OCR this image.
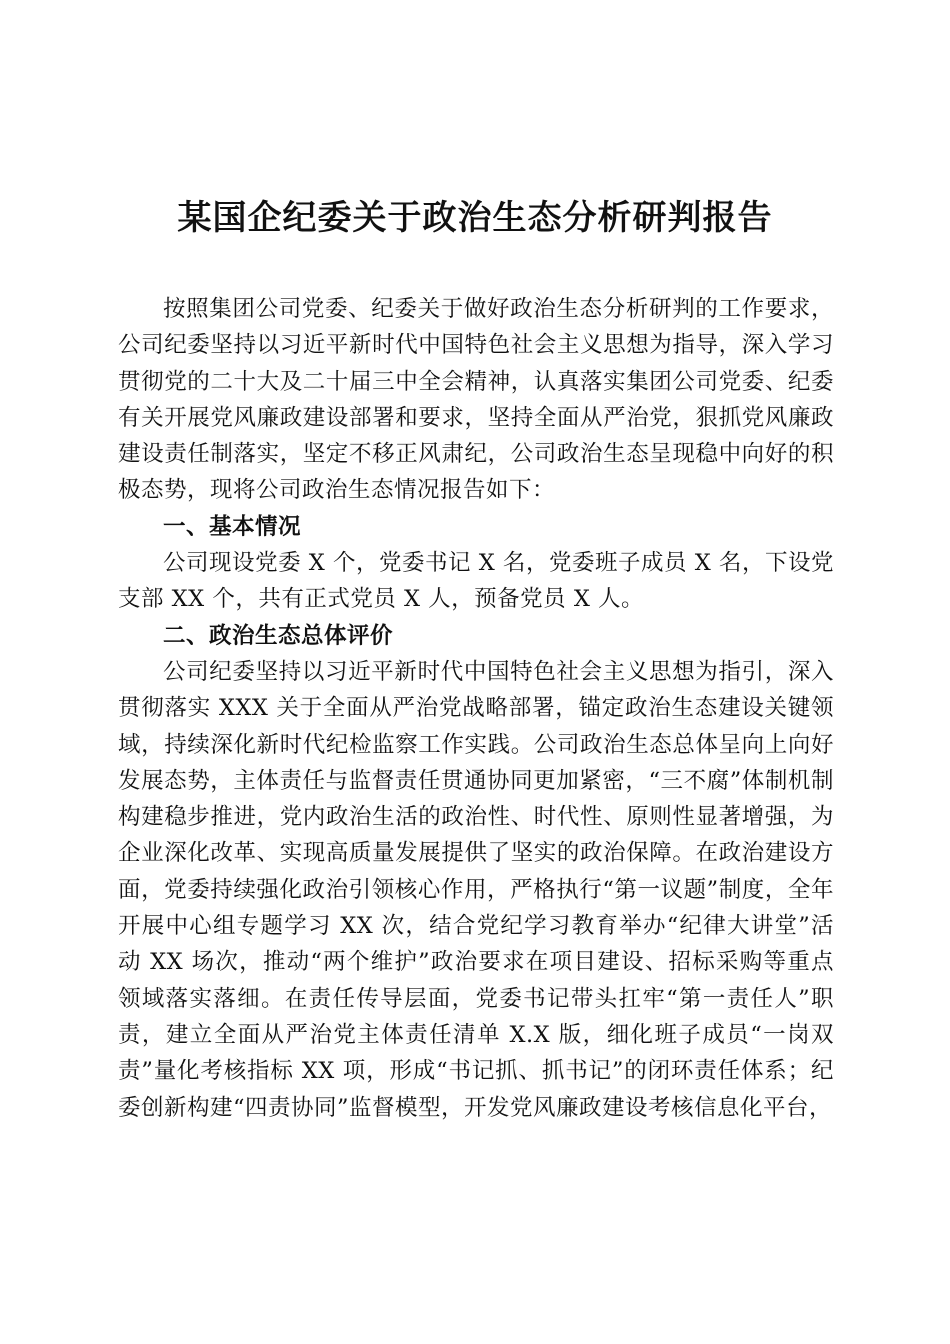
某国企纪委关于政治生态分析研判报告

按照集团公司党委、纪委关于做好政治生态分析研判的工作要求，公司纪委坚持以习近平新时代中国特色社会主义思想为指导，深入学习贯彻党的二十大及二十届三中全会精神，认真落实集团公司党委、纪委有关开展党风廉政建设部署和要求，坚持全面从严治党，狠抓党风廉政建设责任制落实，坚定不移正风肃纪，公司政治生态呈现稳中向好的积极态势，现将公司政治生态情况报告如下：

一、基本情况

公司现设党委 X 个，党委书记 X 名，党委班子成员 X 名，下设党支部 XX 个，共有正式党员 X 人，预备党员 X 人。

二、政治生态总体评价

公司纪委坚持以习近平新时代中国特色社会主义思想为指引，深入贯彻落实 XXX 关于全面从严治党战略部署，锚定政治生态建设关键领域，持续深化新时代纪检监察工作实践。公司政治生态总体呈向上向好发展态势，主体责任与监督责任贯通协同更加紧密，“三不腐”体制机制构建稳步推进，党内政治生活的政治性、时代性、原则性显著增强，为企业深化改革、实现高质量发展提供了坚实的政治保障。在政治建设方面，党委持续强化政治引领核心作用，严格执行“第一议题”制度，全年开展中心组专题学习 XX 次，结合党纪学习教育举办“纪律大讲堂”活动 XX 场次，推动“两个维护”政治要求在项目建设、招标采购等重点领域落实落细。在责任传导层面，党委书记带头扛牢“第一责任人”职责，建立全面从严治党主体责任清单 X.X 版，细化班子成员“一岗双责”量化考核指标 XX 项，形成“书记抓、抓书记”的闭环责任体系；纪委创新构建“四责协同”监督模型，开发党风廉政建设考核信息化平台，
